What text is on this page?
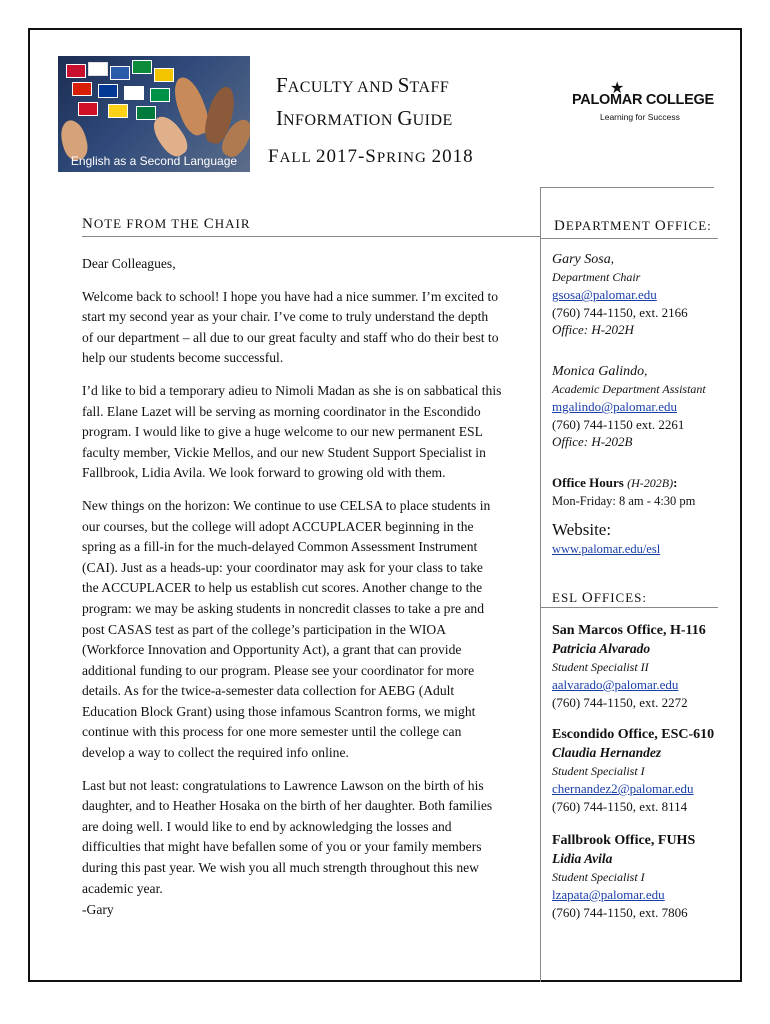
English as a Second Language
FACULTY AND STAFF
INFORMATION GUIDE
FALL 2017-SPRING 2018
★
PALOMAR COLLEGE
Learning for Success
NOTE FROM THE CHAIR

Dear Colleagues,

Welcome back to school! I hope you have had a nice summer. I’m excited to start my second year as your chair. I’ve come to truly understand the depth of our department – all due to our great faculty and staff who do their best to help our students become successful.

I’d like to bid a temporary adieu to Nimoli Madan as she is on sabbatical this fall. Elane Lazet will be serving as morning coordinator in the Escondido program. I would like to give a huge welcome to our new permanent ESL faculty member, Vickie Mellos, and our new Student Support Specialist in Fallbrook, Lidia Avila. We look forward to growing old with them.

New things on the horizon: We continue to use CELSA to place students in our courses, but the college will adopt ACCUPLACER beginning in the spring as a fill-in for the much-delayed Common Assessment Instrument (CAI). Just as a heads-up: your coordinator may ask for your class to take the ACCUPLACER to help us establish cut scores. Another change to the program: we may be asking students in noncredit classes to take a pre and post CASAS test as part of the college’s participation in the WIOA (Workforce Innovation and Opportunity Act), a grant that can provide additional funding to our program. Please see your coordinator for more details. As for the twice-a-semester data collection for AEBG (Adult Education Block Grant) using those infamous Scantron forms, we might continue with this process for one more semester until the college can develop a way to collect the required info online.

Last but not least: congratulations to Lawrence Lawson on the birth of his daughter, and to Heather Hosaka on the birth of her daughter. Both families are doing well. I would like to end by acknowledging the losses and difficulties that might have befallen some of you or your family members during this past year. We wish you all much strength throughout this new academic year.

-Gary
DEPARTMENT OFFICE:
Gary Sosa,
Department Chair
gsosa@palomar.edu
(760) 744-1150, ext. 2166
Office: H-202H
Monica Galindo,
Academic Department Assistant
mgalindo@palomar.edu
(760) 744-1150 ext. 2261
Office: H-202B
Office Hours (H-202B):
Mon-Friday: 8 am - 4:30 pm
Website:
www.palomar.edu/esl
ESL OFFICES:
San Marcos Office, H-116
Patricia Alvarado
Student Specialist II
aalvarado@palomar.edu
(760) 744-1150, ext. 2272
Escondido Office, ESC-610
Claudia Hernandez
Student Specialist I
chernandez2@palomar.edu
(760) 744-1150, ext. 8114
Fallbrook Office, FUHS
Lidia Avila
Student Specialist I
lzapata@palomar.edu
(760) 744-1150, ext. 7806
